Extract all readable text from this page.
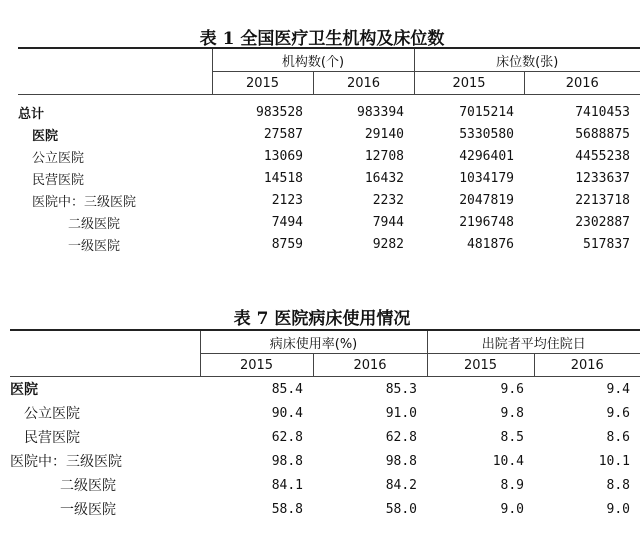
表 1 全国医疗卫生机构及床位数
	机构数(个)		床位数(张)	
	2015	2016	2015	2016

总计	983528	983394	7015214	7410453
医院	27587	29140	5330580	5688875
公立医院	13069	12708	4296401	4455238
民营医院	14518	16432	1034179	1233637
医院中：三级医院	2123	2232	2047819	2213718
二级医院	7494	7944	2196748	2302887
一级医院	8759	9282	481876	517837
表 7 医院病床使用情况
	病床使用率(%)		出院者平均住院日	
	2015	2016	2015	2016
医院	85.4	85.3	9.6	9.4
公立医院	90.4	91.0	9.8	9.6
民营医院	62.8	62.8	8.5	8.6
医院中：三级医院	98.8	98.8	10.4	10.1
二级医院	84.1	84.2	8.9	8.8
一级医院	58.8	58.0	9.0	9.0
